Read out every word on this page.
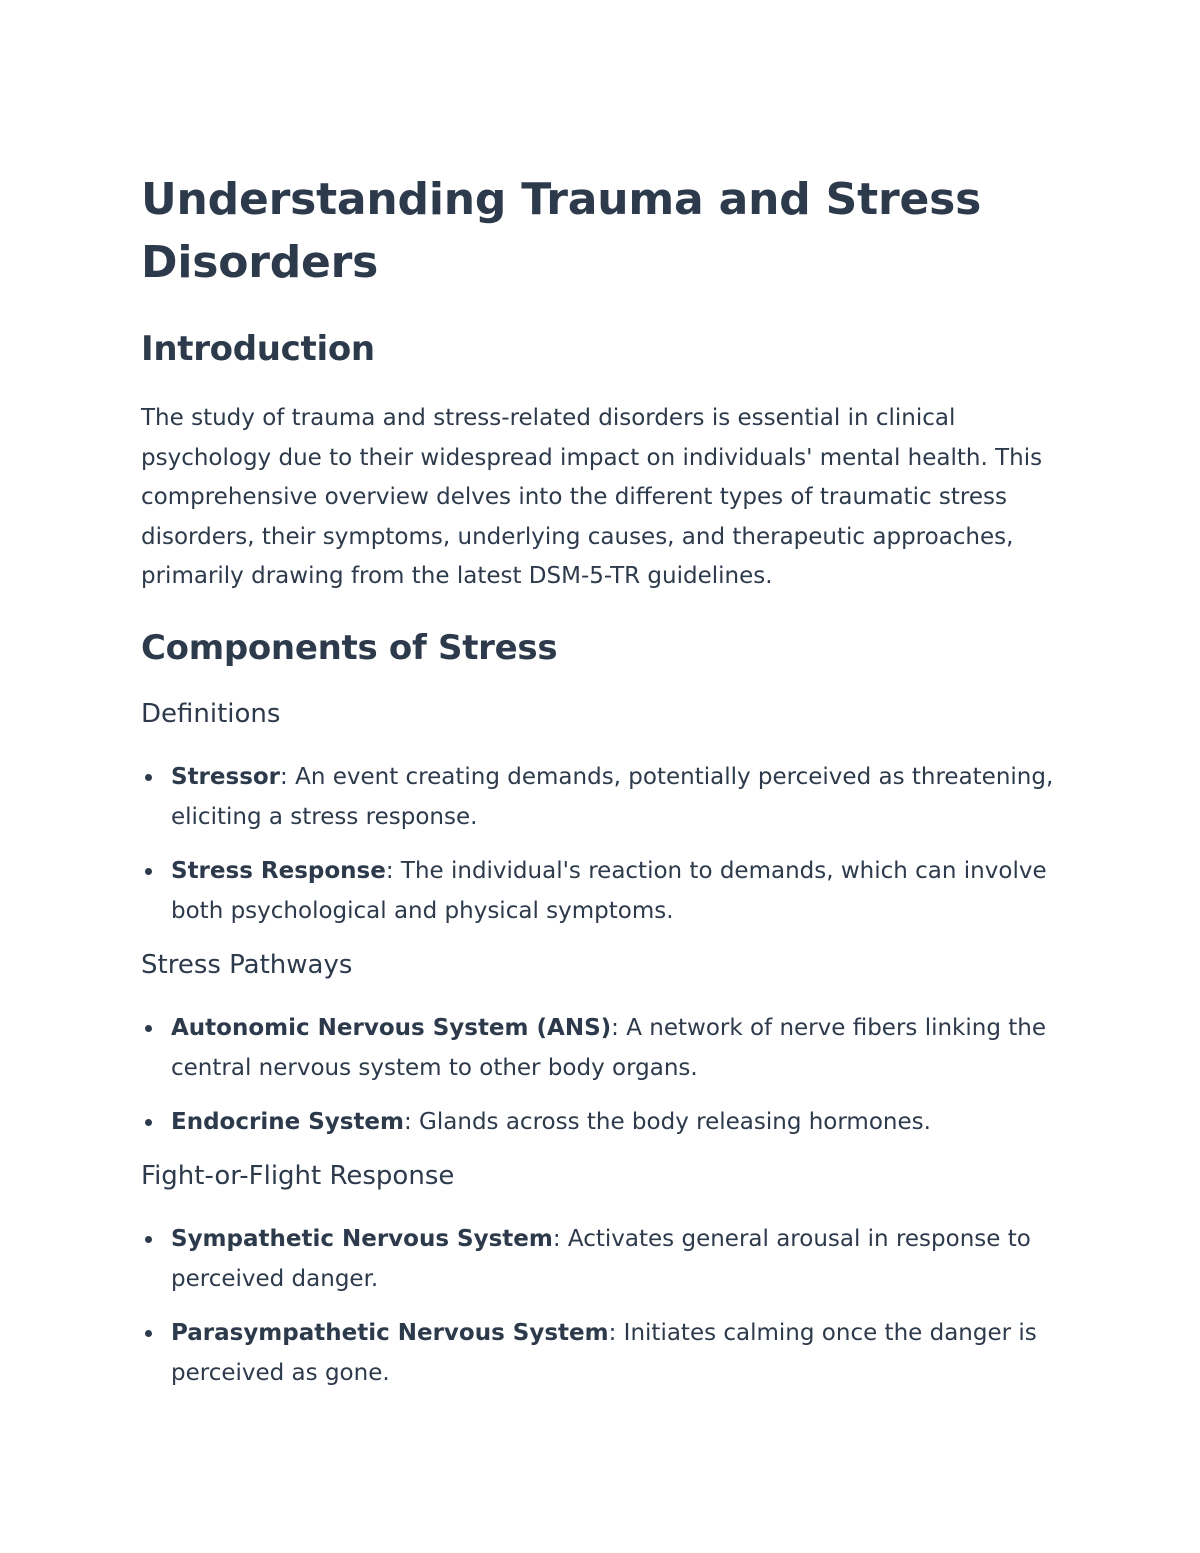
Understanding Trauma and Stress Disorders
Introduction

The study of trauma and stress-related disorders is essential in clinical psychology due to their widespread impact on individuals' mental health. This comprehensive overview delves into the different types of traumatic stress disorders, their symptoms, underlying causes, and therapeutic approaches, primarily drawing from the latest DSM-5-TR guidelines.

Components of Stress
Definitions
Stressor: An event creating demands, potentially perceived as threatening, eliciting a stress response.
Stress Response: The individual's reaction to demands, which can involve both psychological and physical symptoms.
Stress Pathways
Autonomic Nervous System (ANS): A network of nerve fibers linking the central nervous system to other body organs.
Endocrine System: Glands across the body releasing hormones.
Fight-or-Flight Response
Sympathetic Nervous System: Activates general arousal in response to perceived danger.
Parasympathetic Nervous System: Initiates calming once the danger is perceived as gone.
